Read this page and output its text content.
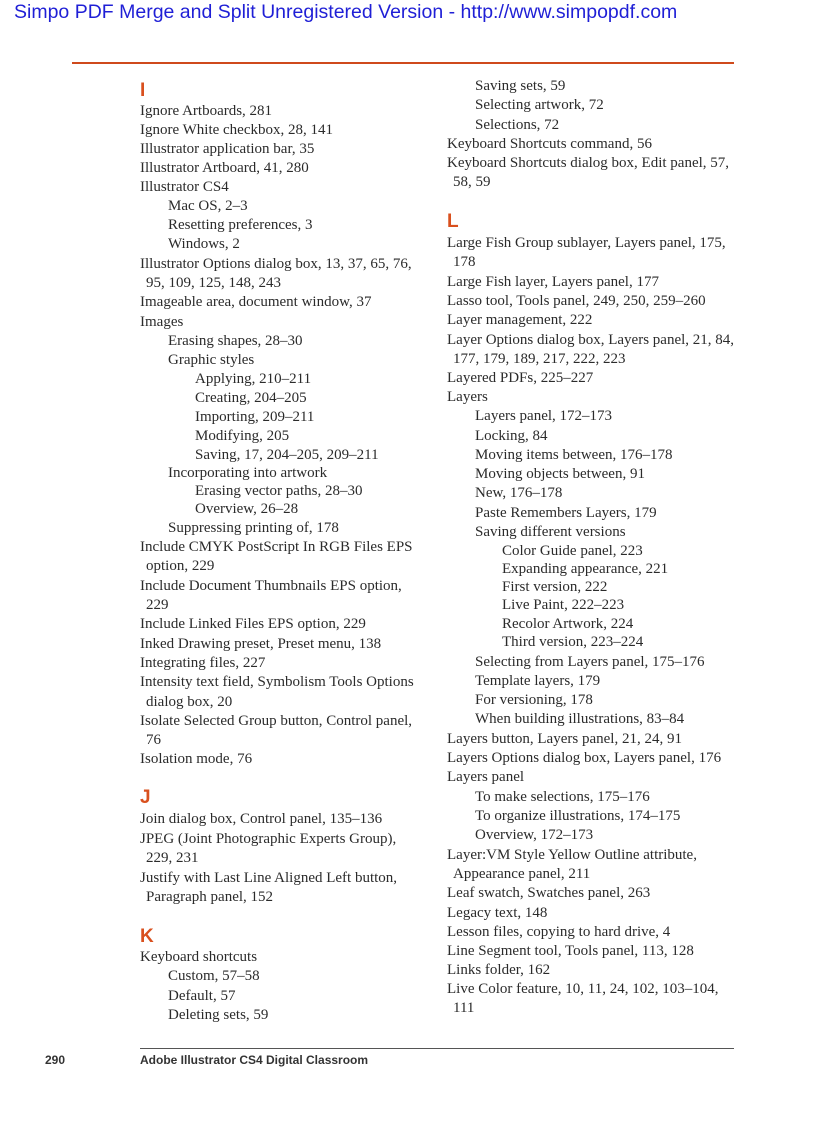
Simpo PDF Merge and Split Unregistered Version - http://www.simpopdf.com
I
Ignore Artboards, 281
Ignore White checkbox, 28, 141
Illustrator application bar, 35
Illustrator Artboard, 41, 280
Illustrator CS4
Mac OS, 2–3
Resetting preferences, 3
Windows, 2
Illustrator Options dialog box, 13, 37, 65, 76,
95, 109, 125, 148, 243
Imageable area, document window, 37
Images
Erasing shapes, 28–30
Graphic styles
Applying, 210–211
Creating, 204–205
Importing, 209–211
Modifying, 205
Saving, 17, 204–205, 209–211
Incorporating into artwork
Erasing vector paths, 28–30
Overview, 26–28
Suppressing printing of, 178
Include CMYK PostScript In RGB Files EPS
option, 229
Include Document Thumbnails EPS option,
229
Include Linked Files EPS option, 229
Inked Drawing preset, Preset menu, 138
Integrating files, 227
Intensity text field, Symbolism Tools Options
dialog box, 20
Isolate Selected Group button, Control panel,
76
Isolation mode, 76
J
Join dialog box, Control panel, 135–136
JPEG (Joint Photographic Experts Group),
229, 231
Justify with Last Line Aligned Left button,
Paragraph panel, 152
K
Keyboard shortcuts
Custom, 57–58
Default, 57
Deleting sets, 59
Saving sets, 59
Selecting artwork, 72
Selections, 72
Keyboard Shortcuts command, 56
Keyboard Shortcuts dialog box, Edit panel, 57,
58, 59
L
Large Fish Group sublayer, Layers panel, 175,
178
Large Fish layer, Layers panel, 177
Lasso tool, Tools panel, 249, 250, 259–260
Layer management, 222
Layer Options dialog box, Layers panel, 21, 84,
177, 179, 189, 217, 222, 223
Layered PDFs, 225–227
Layers
Layers panel, 172–173
Locking, 84
Moving items between, 176–178
Moving objects between, 91
New, 176–178
Paste Remembers Layers, 179
Saving different versions
Color Guide panel, 223
Expanding appearance, 221
First version, 222
Live Paint, 222–223
Recolor Artwork, 224
Third version, 223–224
Selecting from Layers panel, 175–176
Template layers, 179
For versioning, 178
When building illustrations, 83–84
Layers button, Layers panel, 21, 24, 91
Layers Options dialog box, Layers panel, 176
Layers panel
To make selections, 175–176
To organize illustrations, 174–175
Overview, 172–173
Layer:VM Style Yellow Outline attribute,
Appearance panel, 211
Leaf swatch, Swatches panel, 263
Legacy text, 148
Lesson files, copying to hard drive, 4
Line Segment tool, Tools panel, 113, 128
Links folder, 162
Live Color feature, 10, 11, 24, 102, 103–104,
111
290	Adobe Illustrator CS4 Digital Classroom
